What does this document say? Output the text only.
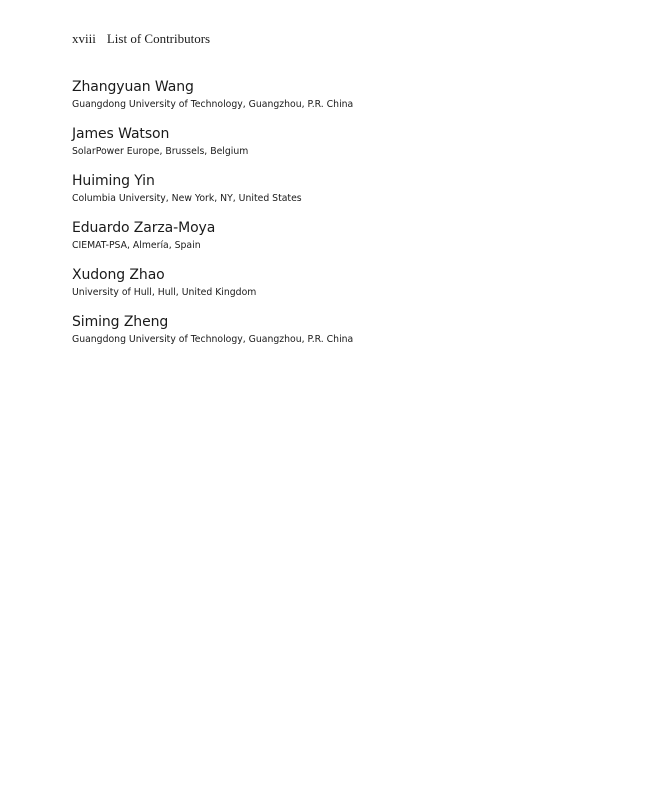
xviii List of Contributors
Zhangyuan Wang
Guangdong University of Technology, Guangzhou, P.R. China
James Watson
SolarPower Europe, Brussels, Belgium
Huiming Yin
Columbia University, New York, NY, United States
Eduardo Zarza-Moya
CIEMAT-PSA, Almería, Spain
Xudong Zhao
University of Hull, Hull, United Kingdom
Siming Zheng
Guangdong University of Technology, Guangzhou, P.R. China
